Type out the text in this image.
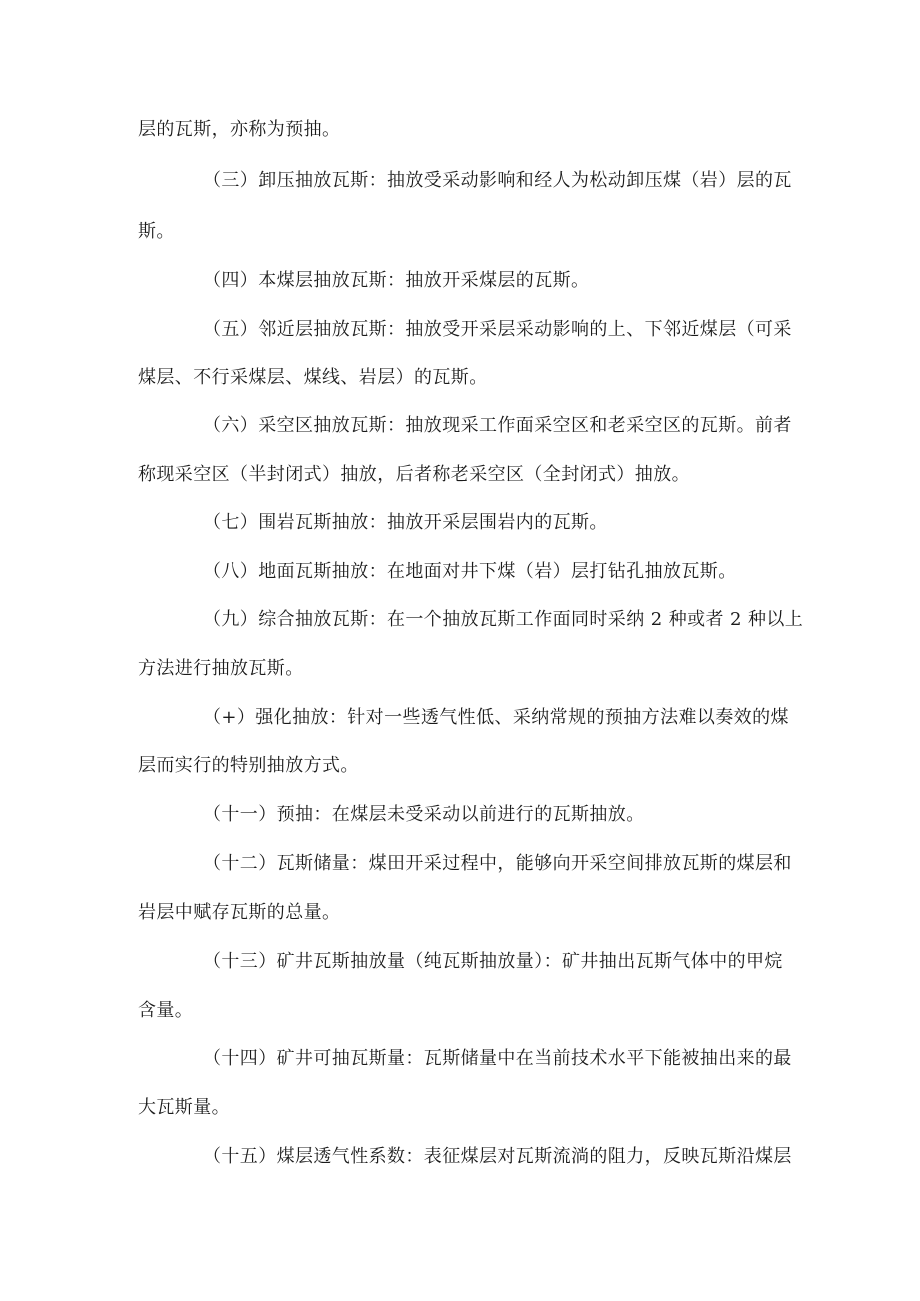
层的瓦斯，亦称为预抽。
（三）卸压抽放瓦斯：抽放受采动影响和经人为松动卸压煤（岩）层的瓦
斯。
（四）本煤层抽放瓦斯：抽放开采煤层的瓦斯。
（五）邻近层抽放瓦斯：抽放受开采层采动影响的上、下邻近煤层（可采
煤层、不行采煤层、煤线、岩层）的瓦斯。
（六）采空区抽放瓦斯：抽放现采工作面采空区和老采空区的瓦斯。前者
称现采空区（半封闭式）抽放，后者称老采空区（全封闭式）抽放。
（七）围岩瓦斯抽放：抽放开采层围岩内的瓦斯。
（八）地面瓦斯抽放：在地面对井下煤（岩）层打钻孔抽放瓦斯。
（九）综合抽放瓦斯：在一个抽放瓦斯工作面同时采纳 2 种或者 2 种以上
方法进行抽放瓦斯。
（+）强化抽放：针对一些透气性低、采纳常规的预抽方法难以奏效的煤
层而实行的特别抽放方式。
（十一）预抽：在煤层未受采动以前进行的瓦斯抽放。
（十二）瓦斯储量：煤田开采过程中，能够向开采空间排放瓦斯的煤层和
岩层中赋存瓦斯的总量。
（十三）矿井瓦斯抽放量（纯瓦斯抽放量）：矿井抽出瓦斯气体中的甲烷
含量。
（十四）矿井可抽瓦斯量：瓦斯储量中在当前技术水平下能被抽出来的最
大瓦斯量。
（十五）煤层透气性系数：表征煤层对瓦斯流淌的阻力，反映瓦斯沿煤层
